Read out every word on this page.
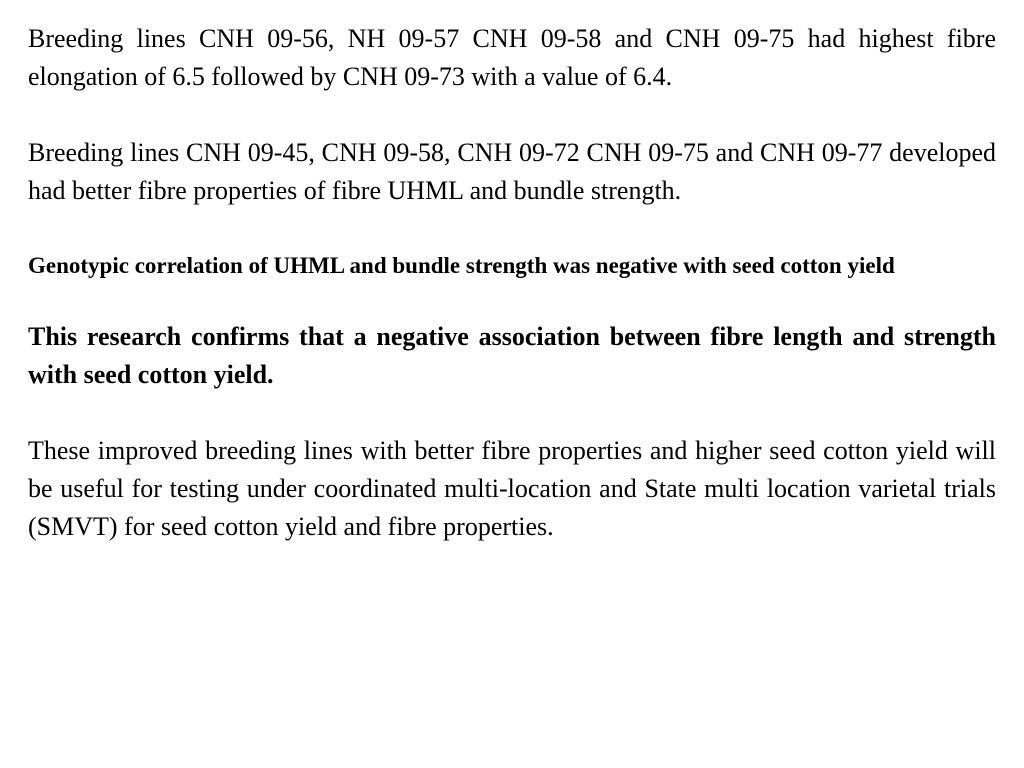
Breeding lines CNH 09-56, NH 09-57 CNH 09-58 and CNH 09-75 had highest fibre elongation of 6.5 followed by CNH 09-73 with a value of 6.4.

Breeding lines CNH 09-45, CNH 09-58, CNH 09-72 CNH 09-75 and CNH 09-77 developed had better fibre properties of fibre UHML and bundle strength.

Genotypic correlation of UHML and bundle strength was negative with seed cotton yield

This research confirms that a negative association between fibre length and strength with seed cotton yield.

These improved breeding lines with better fibre properties and higher seed cotton yield will be useful for testing under coordinated multi-location and State multi location varietal trials (SMVT) for seed cotton yield and fibre properties.
